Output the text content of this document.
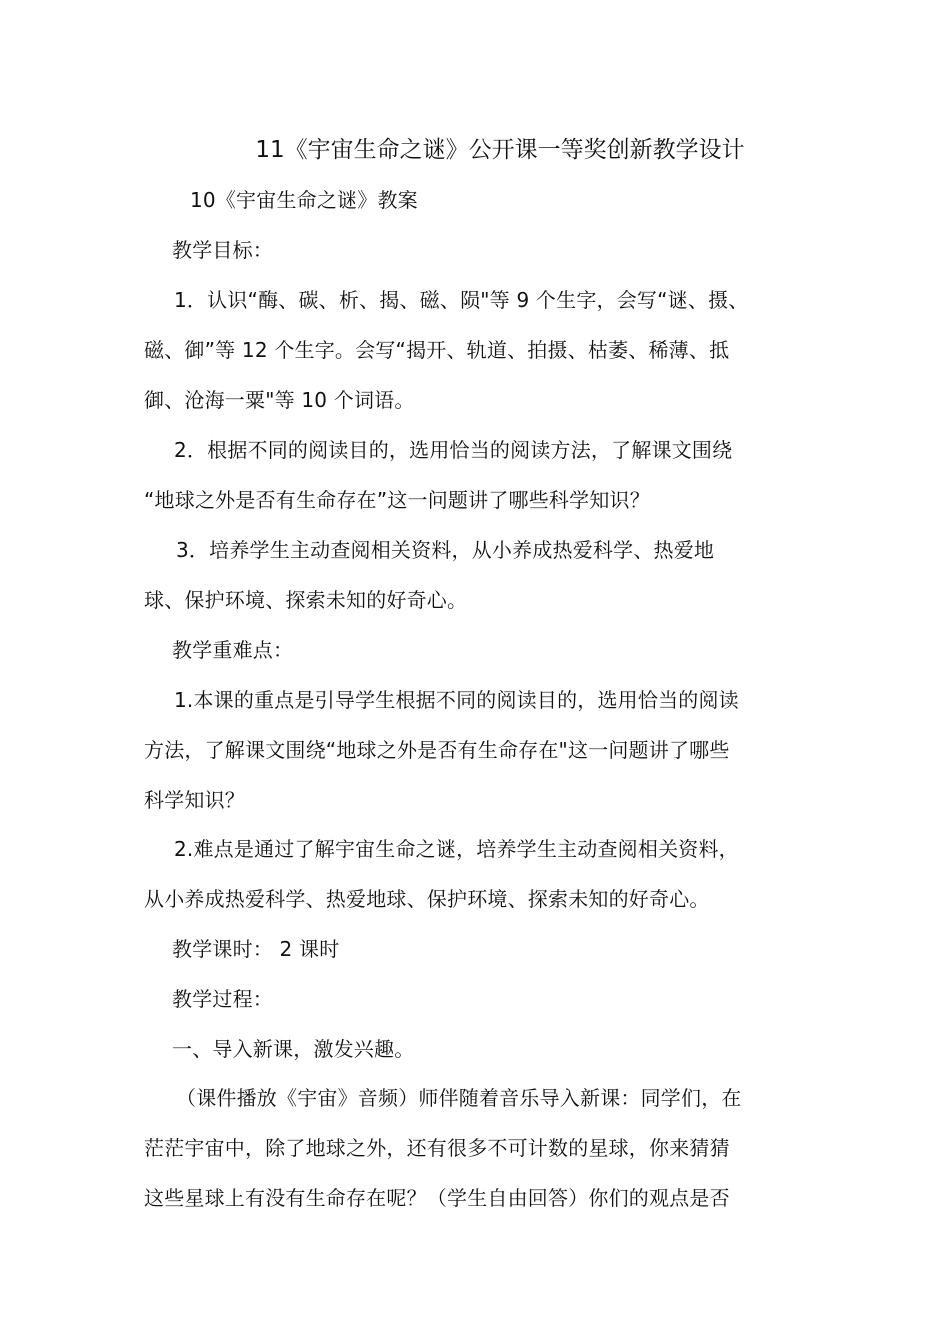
11《宇宙生命之谜》公开课一等奖创新教学设计
10《宇宙生命之谜》教案
教学目标：
1．认识“酶、碳、析、揭、磁、陨"等 9 个生字，会写“谜、摄、
磁、御”等 12 个生字。会写“揭开、轨道、拍摄、枯萎、稀薄、抵
御、沧海一粟"等 10 个词语。
2．根据不同的阅读目的，选用恰当的阅读方法，了解课文围绕
“地球之外是否有生命存在”这一问题讲了哪些科学知识？
3．培养学生主动查阅相关资料，从小养成热爱科学、热爱地
球、保护环境、探索未知的好奇心。
教学重难点：
1.本课的重点是引导学生根据不同的阅读目的，选用恰当的阅读
方法，了解课文围绕“地球之外是否有生命存在"这一问题讲了哪些
科学知识？
2.难点是通过了解宇宙生命之谜，培养学生主动查阅相关资料，
从小养成热爱科学、热爱地球、保护环境、探索未知的好奇心。
教学课时： 2 课时
教学过程：
一、导入新课，激发兴趣。
（课件播放《宇宙》音频）师伴随着音乐导入新课：同学们，在
茫茫宇宙中，除了地球之外，还有很多不可计数的星球，你来猜猜
这些星球上有没有生命存在呢？（学生自由回答）你们的观点是否
